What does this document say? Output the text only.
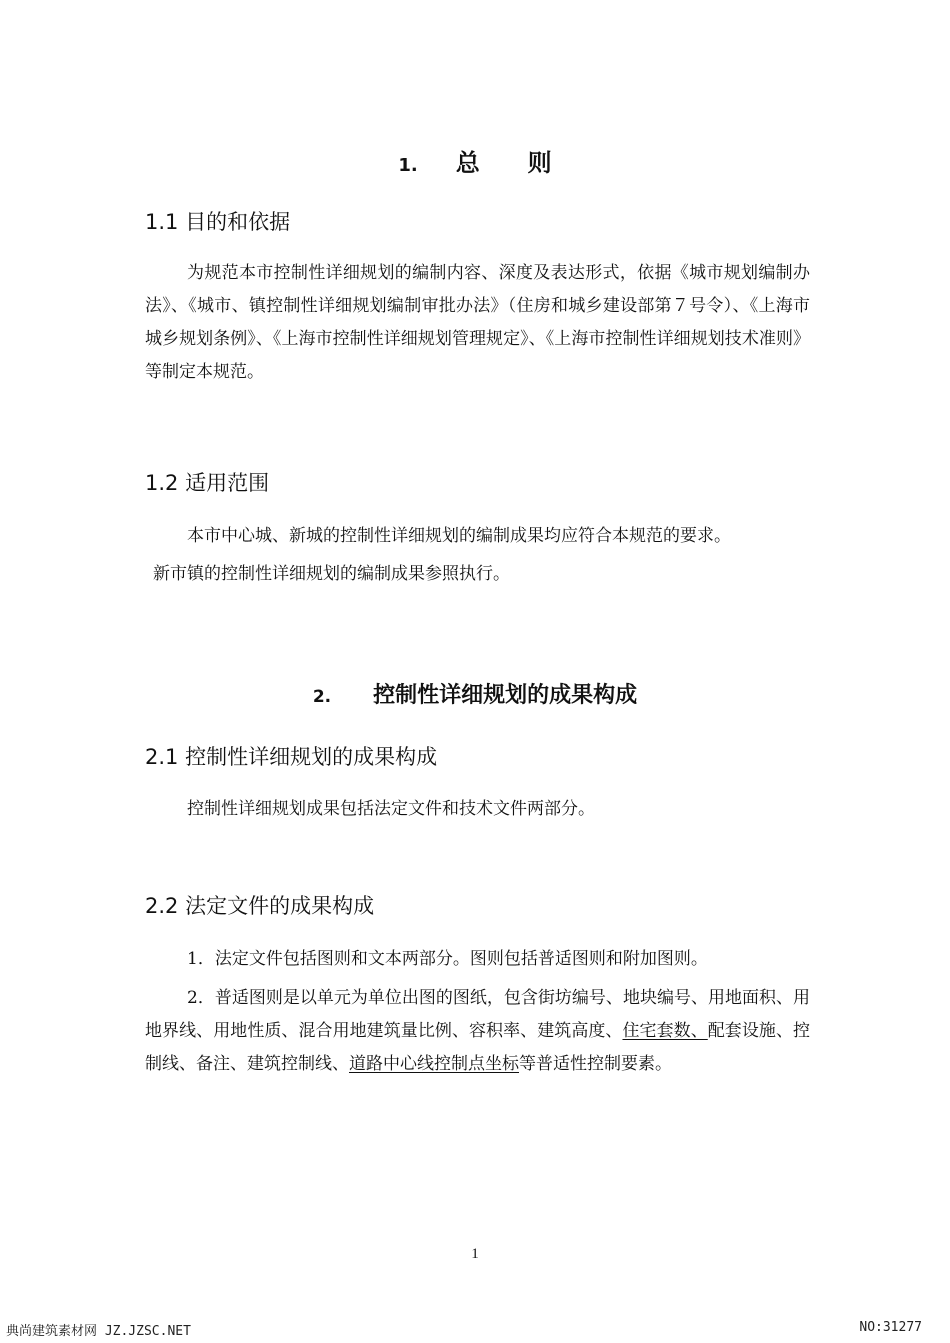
1. 总　　则
1.1 目的和依据
为规范本市控制性详细规划的编制内容、深度及表达形式，依据《城市规划编制办法》、《城市、镇控制性详细规划编制审批办法》（住房和城乡建设部第７号令）、《上海市城乡规划条例》、《上海市控制性详细规划管理规定》、《上海市控制性详细规划技术准则》等制定本规范。
1.2 适用范围
本市中心城、新城的控制性详细规划的编制成果均应符合本规范的要求。
新市镇的控制性详细规划的编制成果参照执行。
2. 控制性详细规划的成果构成
2.1 控制性详细规划的成果构成
控制性详细规划成果包括法定文件和技术文件两部分。
2.2 法定文件的成果构成
1．法定文件包括图则和文本两部分。图则包括普适图则和附加图则。
2．普适图则是以单元为单位出图的图纸，包含街坊编号、地块编号、用地面积、用地界线、用地性质、混合用地建筑量比例、容积率、建筑高度、住宅套数、配套设施、控制线、备注、建筑控制线、道路中心线控制点坐标等普适性控制要素。
1
典尚建筑素材网 JZ.JZSC.NET	NO:31277
